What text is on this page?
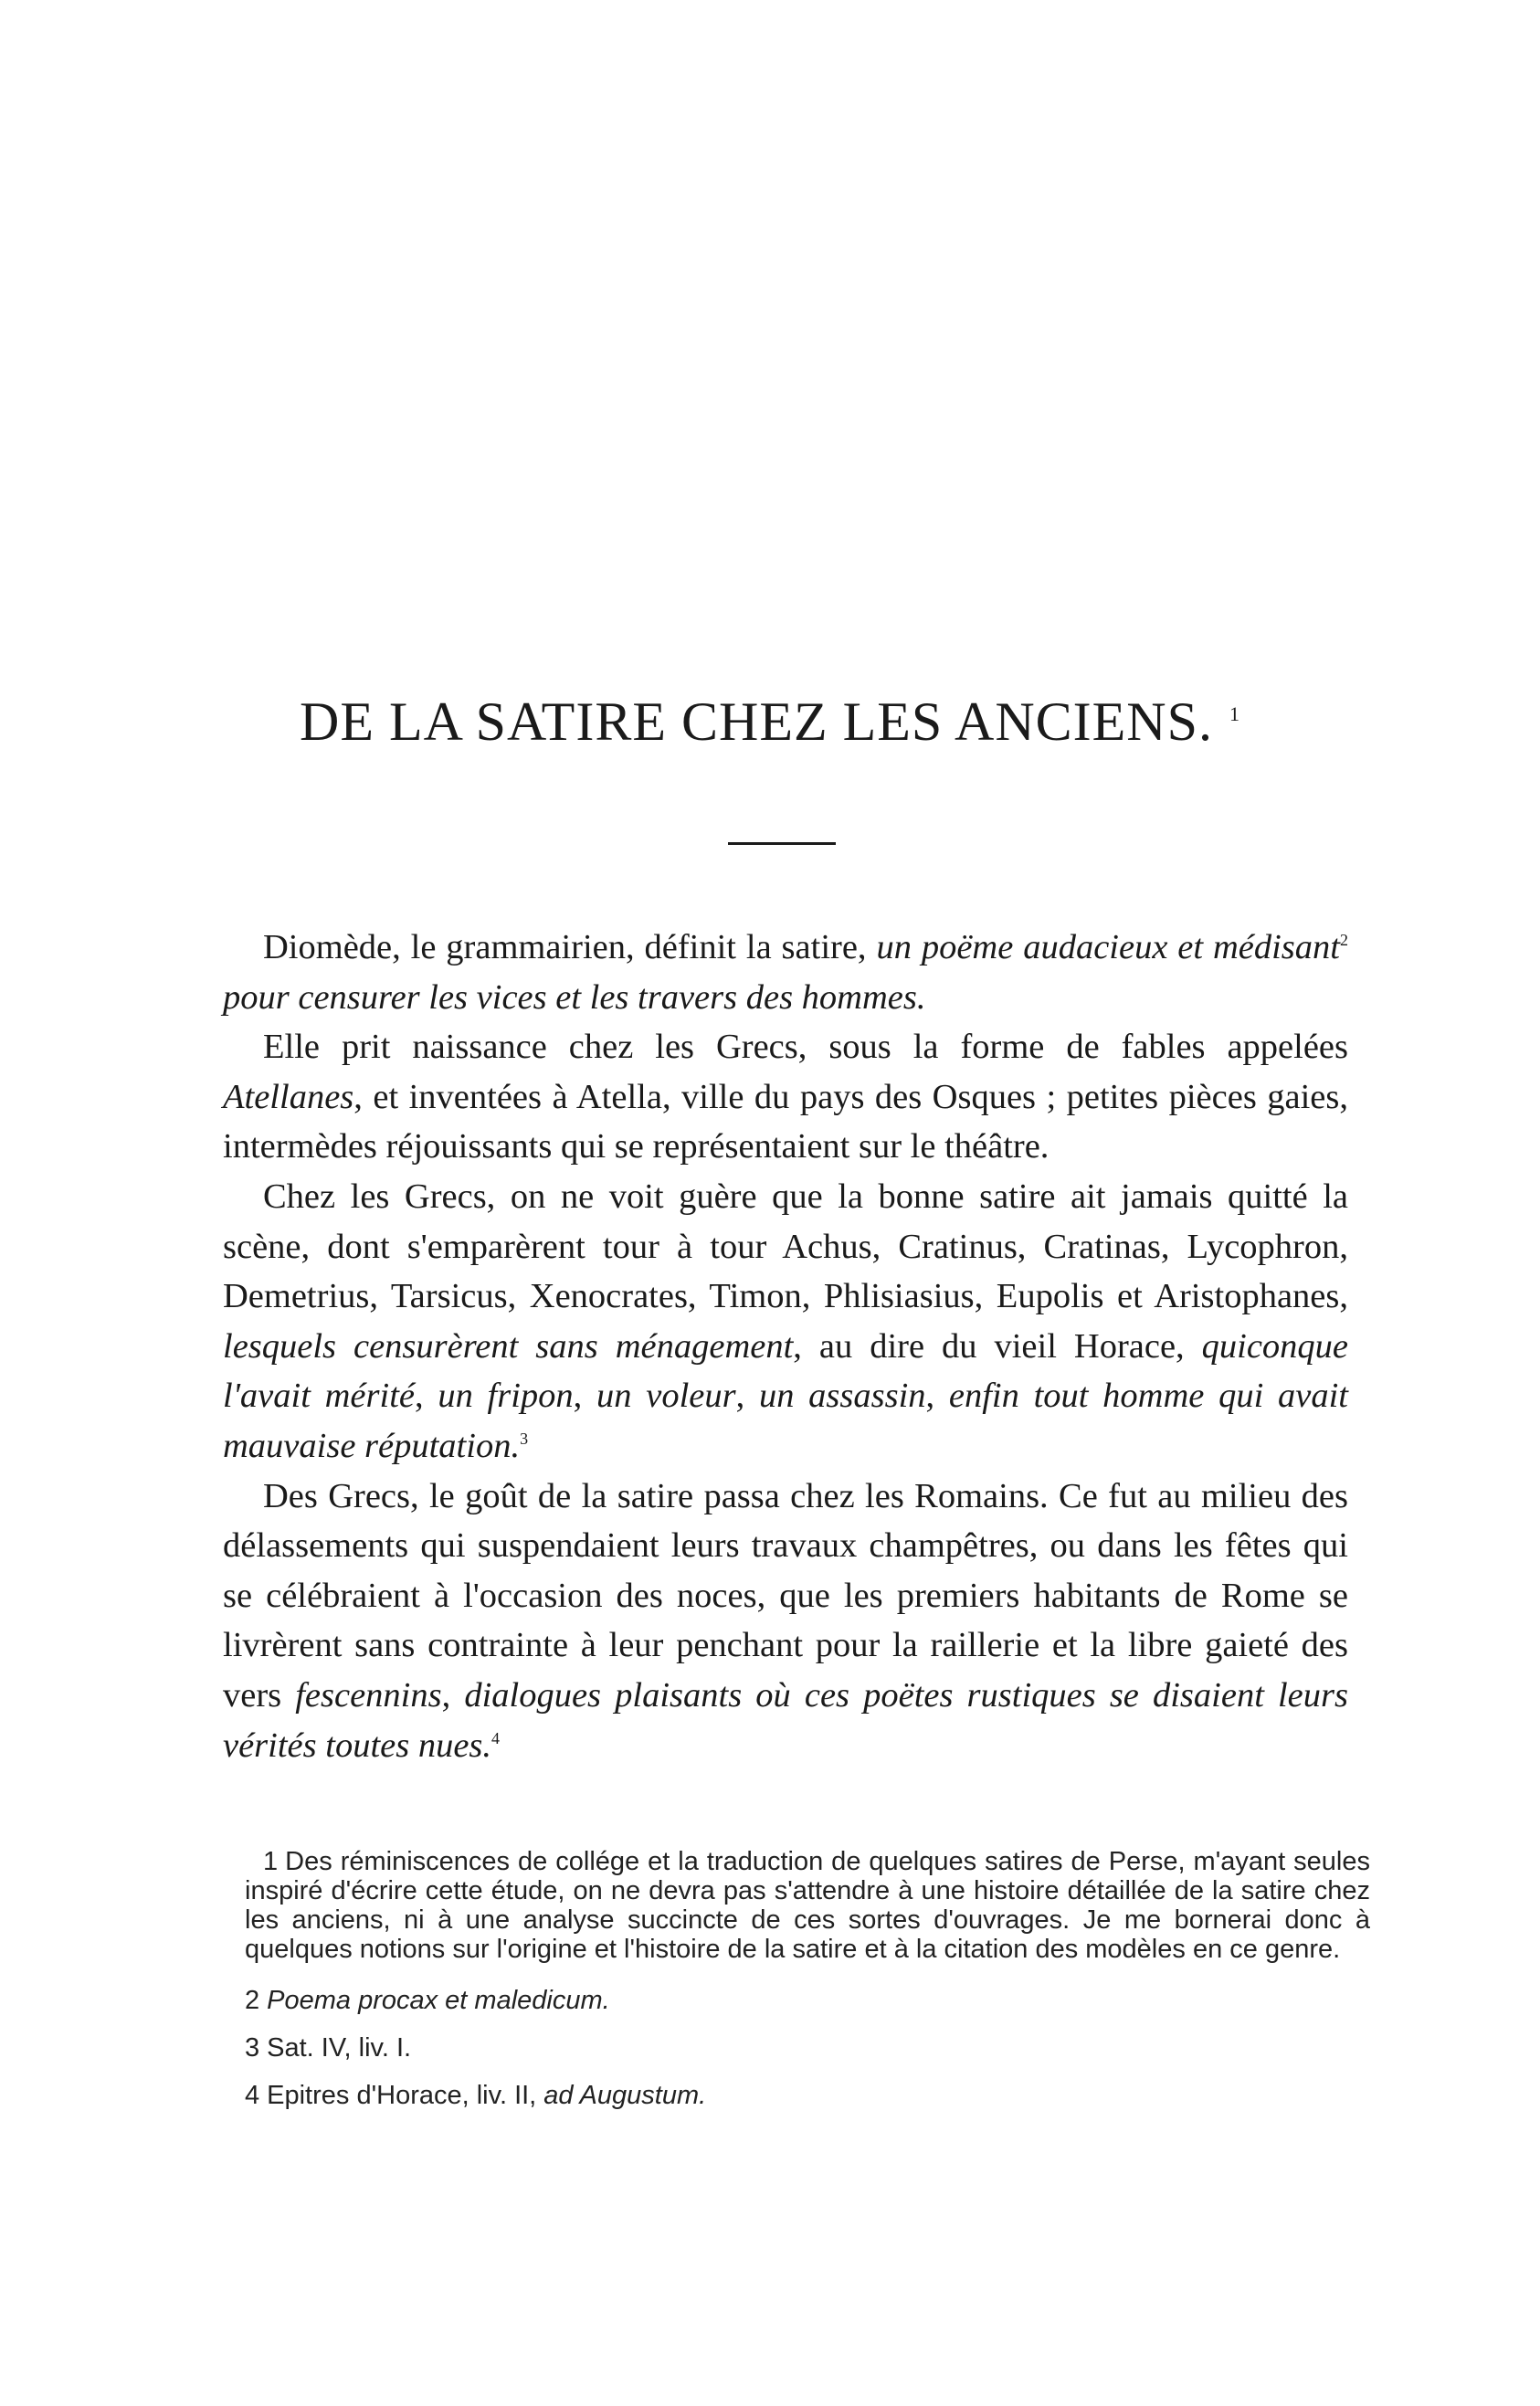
DE LA SATIRE CHEZ LES ANCIENS. $^1$

Diomède, le grammairien, définit la satire, un poëme audacieux et médisant$^2$ pour censurer les vices et les travers des hommes.

Elle prit naissance chez les Grecs, sous la forme de fables appelées Atellanes, et inventées à Atella, ville du pays des Osques ; petites pièces gaies, intermèdes réjouissants qui se représentaient sur le théâtre.

Chez les Grecs, on ne voit guère que la bonne satire ait jamais quitté la scène, dont s'emparèrent tour à tour Achus, Cratinus, Cratinas, Lycophron, Demetrius, Tarsicus, Xenocrates, Timon, Phlisiasius, Eupolis et Aristophanes, lesquels censurèrent sans ménagement, au dire du vieil Horace, quiconque l'avait mérité, un fripon, un voleur, un assassin, enfin tout homme qui avait mauvaise réputation.$^3$

Des Grecs, le goût de la satire passa chez les Romains. Ce fut au milieu des délassements qui suspendaient leurs travaux champêtres, ou dans les fêtes qui se célébraient à l'occasion des noces, que les premiers habitants de Rome se livrèrent sans contrainte à leur penchant pour la raillerie et la libre gaieté des vers fescennins, dialogues plaisants où ces poëtes rustiques se disaient leurs vérités toutes nues.$^4$

1 Des réminiscences de collége et la traduction de quelques satires de Perse, m'ayant seules inspiré d'écrire cette étude, on ne devra pas s'attendre à une histoire détaillée de la satire chez les anciens, ni à une analyse succincte de ces sortes d'ouvrages. Je me bornerai donc à quelques notions sur l'origine et l'histoire de la satire et à la citation des modèles en ce genre.

2 Poema procax et maledicum.

3 Sat. IV, liv. I.

4 Epitres d'Horace, liv. II, ad Augustum.
